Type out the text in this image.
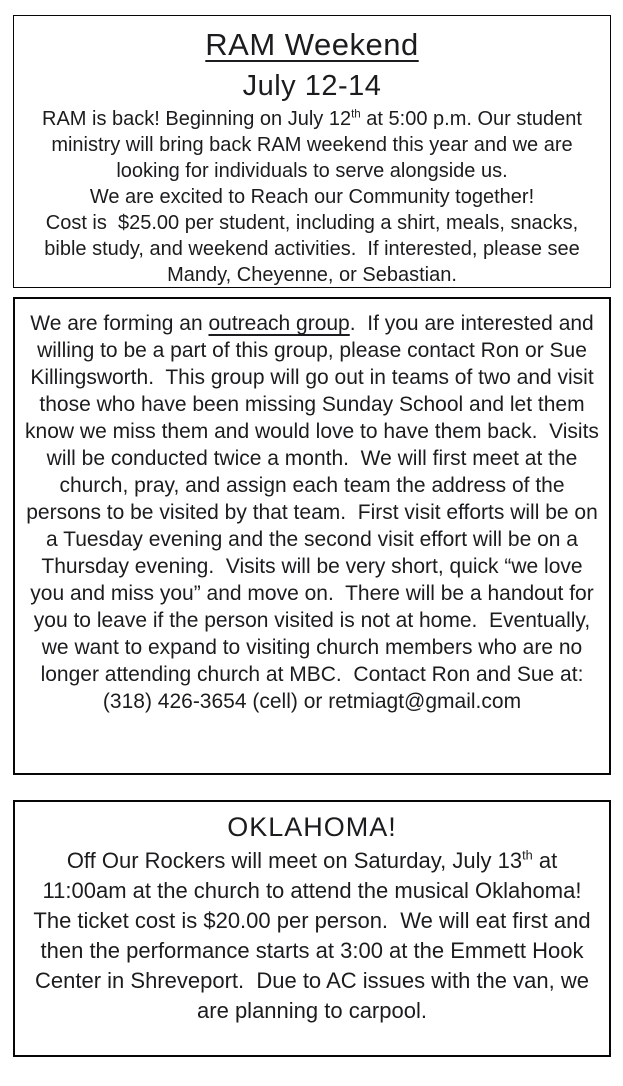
RAM Weekend
July 12-14

RAM is back! Beginning on July 12th at 5:00 p.m. Our student ministry will bring back RAM weekend this year and we are looking for individuals to serve alongside us.

We are excited to Reach our Community together!

Cost is  $25.00 per student, including a shirt, meals, snacks, bible study, and weekend activities.  If interested, please see Mandy, Cheyenne, or Sebastian.

We are forming an outreach group.  If you are interested and willing to be a part of this group, please contact Ron or Sue Killingsworth.  This group will go out in teams of two and visit those who have been missing Sunday School and let them know we miss them and would love to have them back.  Visits will be conducted twice a month.  We will first meet at the church, pray, and assign each team the address of the persons to be visited by that team.  First visit efforts will be on a Tuesday evening and the second visit effort will be on a Thursday evening.  Visits will be very short, quick “we love you and miss you” and move on.  There will be a handout for you to leave if the person visited is not at home.  Eventually, we want to expand to visiting church members who are no longer attending church at MBC.  Contact Ron and Sue at: (318) 426-3654 (cell) or retmiagt@gmail.com

OKLAHOMA!

Off Our Rockers will meet on Saturday, July 13th at 11:00am at the church to attend the musical Oklahoma!  The ticket cost is $20.00 per person.  We will eat first and then the performance starts at 3:00 at the Emmett Hook Center in Shreveport.  Due to AC issues with the van, we are planning to carpool.
